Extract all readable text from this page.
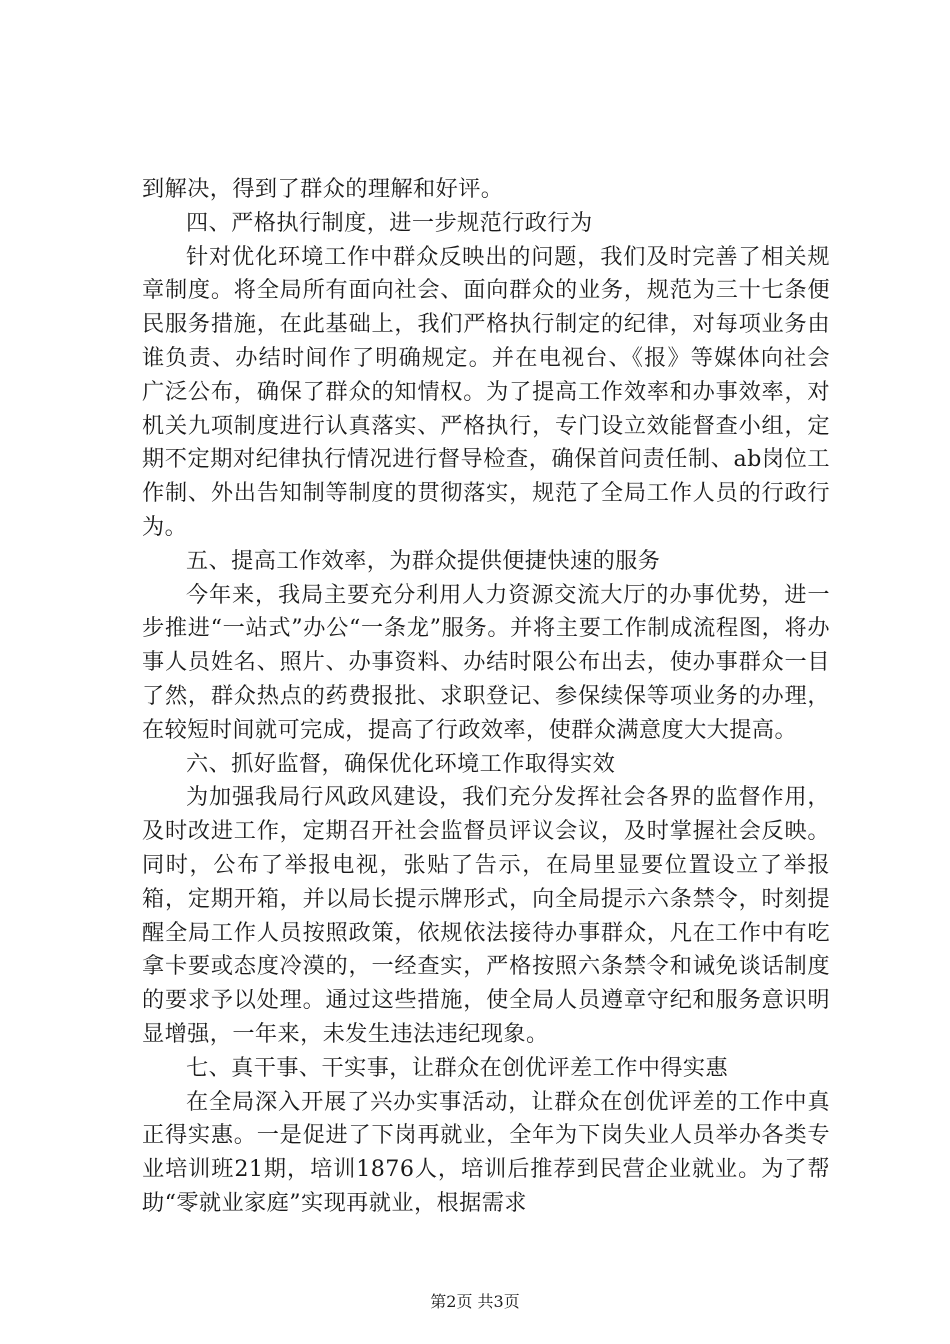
到解决，得到了群众的理解和好评。

四、严格执行制度，进一步规范行政行为

针对优化环境工作中群众反映出的问题，我们及时完善了相关规章制度。将全局所有面向社会、面向群众的业务，规范为三十七条便民服务措施，在此基础上，我们严格执行制定的纪律，对每项业务由谁负责、办结时间作了明确规定。并在电视台、《报》等媒体向社会广泛公布，确保了群众的知情权。为了提高工作效率和办事效率，对机关九项制度进行认真落实、严格执行，专门设立效能督查小组，定期不定期对纪律执行情况进行督导检查，确保首问责任制、ab岗位工作制、外出告知制等制度的贯彻落实，规范了全局工作人员的行政行为。

五、提高工作效率，为群众提供便捷快速的服务

今年来，我局主要充分利用人力资源交流大厅的办事优势，进一步推进“一站式”办公“一条龙”服务。并将主要工作制成流程图，将办事人员姓名、照片、办事资料、办结时限公布出去，使办事群众一目了然，群众热点的药费报批、求职登记、参保续保等项业务的办理，在较短时间就可完成，提高了行政效率，使群众满意度大大提高。

六、抓好监督，确保优化环境工作取得实效

为加强我局行风政风建设，我们充分发挥社会各界的监督作用，及时改进工作，定期召开社会监督员评议会议，及时掌握社会反映。同时，公布了举报电视，张贴了告示，在局里显要位置设立了举报箱，定期开箱，并以局长提示牌形式，向全局提示六条禁令，时刻提醒全局工作人员按照政策，依规依法接待办事群众，凡在工作中有吃拿卡要或态度冷漠的，一经查实，严格按照六条禁令和诫免谈话制度的要求予以处理。通过这些措施，使全局人员遵章守纪和服务意识明显增强，一年来，未发生违法违纪现象。

七、真干事、干实事，让群众在创优评差工作中得实惠

在全局深入开展了兴办实事活动，让群众在创优评差的工作中真正得实惠。一是促进了下岗再就业，全年为下岗失业人员举办各类专业培训班21期，培训1876人，培训后推荐到民营企业就业。为了帮助“零就业家庭”实现再就业，根据需求

第2页 共3页
